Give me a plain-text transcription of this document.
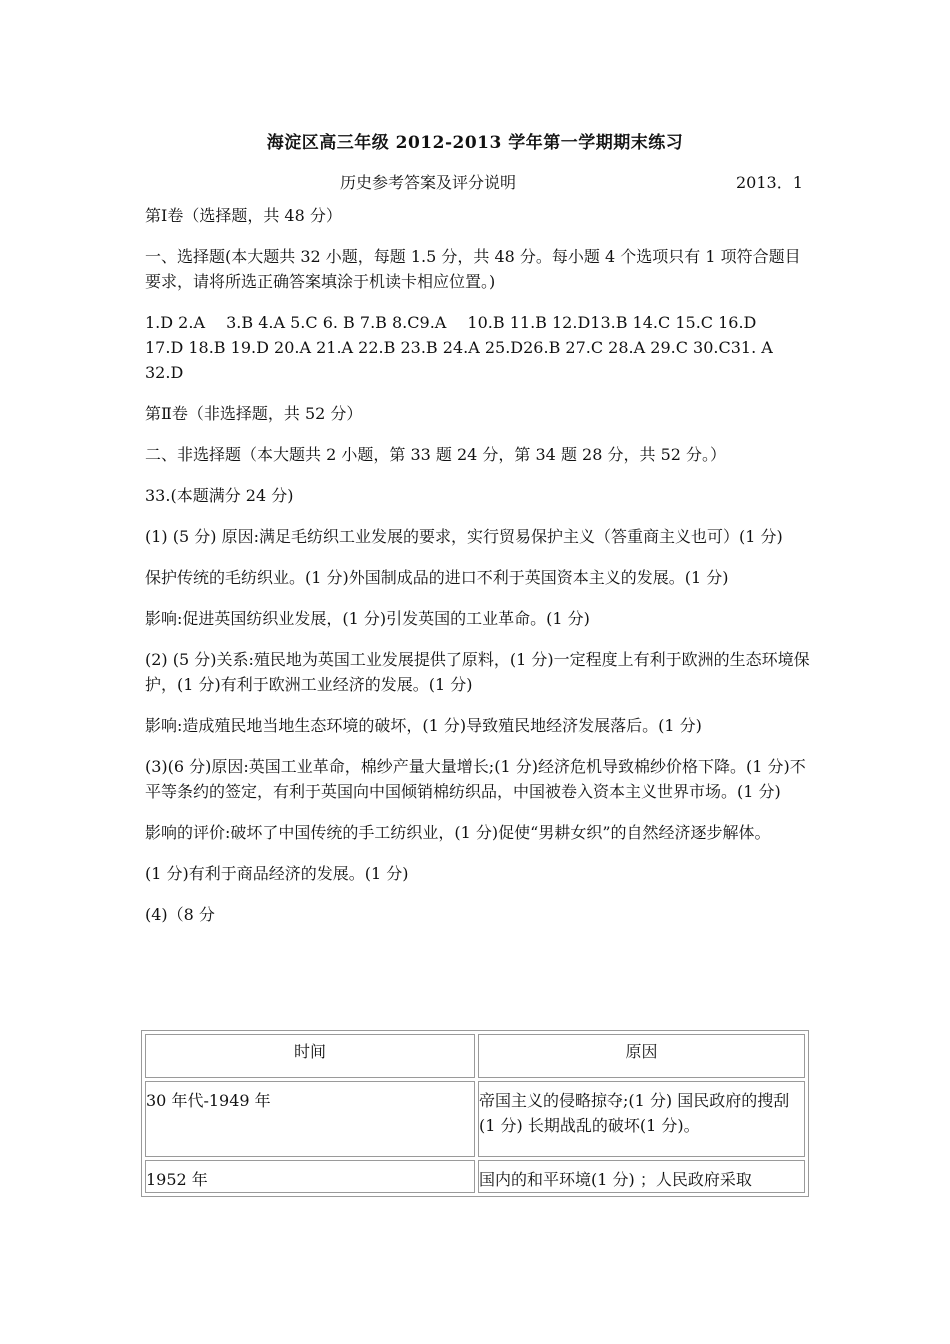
海淀区高三年级 2012-2013 学年第一学期期末练习
历史参考答案及评分说明	2013．1

第Ⅰ卷（选择题，共 48 分）

一、选择题(本大题共 32 小题，每题 1.5 分，共 48 分。每小题 4 个选项只有 1 项符合题目要求，请将所选正确答案填涂于机读卡相应位置。)

1.D 2.A　 3.B 4.A 5.C 6. B 7.B 8.C9.A　 10.B 11.B 12.D13.B 14.C 15.C 16.D　 17.D 18.B 19.D 20.A 21.A 22.B 23.B 24.A 25.D26.B 27.C 28.A 29.C 30.C31. A 32.D

第Ⅱ卷（非选择题，共 52 分）

二、非选择题（本大题共 2 小题，第 33 题 24 分，第 34 题 28 分，共 52 分。）

33.(本题满分 24 分)

(1) (5 分) 原因:满足毛纺织工业发展的要求，实行贸易保护主义（答重商主义也可）(1 分)

保护传统的毛纺织业。(1 分)外国制成品的进口不利于英国资本主义的发展。(1 分)

影响:促进英国纺织业发展，(1 分)引发英国的工业革命。(1 分)

(2) (5 分)关系:殖民地为英国工业发展提供了原料，(1 分)一定程度上有利于欧洲的生态环境保护，(1 分)有利于欧洲工业经济的发展。(1 分)

影响:造成殖民地当地生态环境的破坏，(1 分)导致殖民地经济发展落后。(1 分)

(3)(6 分)原因:英国工业革命，棉纱产量大量增长;(1 分)经济危机导致棉纱价格下降。(1 分)不平等条约的签定，有利于英国向中国倾销棉纺织品，中国被卷入资本主义世界市场。(1 分)

影响的评价:破坏了中国传统的手工纺织业，(1 分)促使“男耕女织”的自然经济逐步解体。

(1 分)有利于商品经济的发展。(1 分)

(4)（8 分

时间	原因
30 年代-1949 年	帝国主义的侵略掠夺;(1 分) 国民政府的搜刮(1 分) 长期战乱的破坏(1 分)。
1952 年	国内的和平环境(1 分) ；人民政府采取
